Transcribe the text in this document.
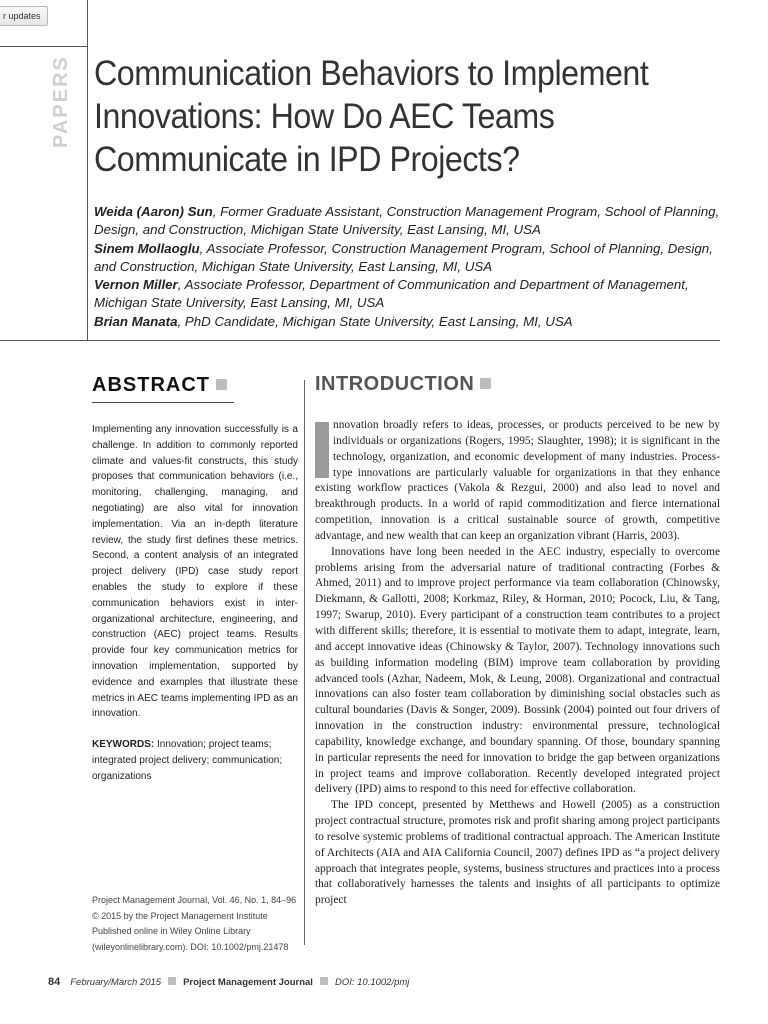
r updates
PAPERS Communication Behaviors to Implement Innovations: How Do AEC Teams Communicate in IPD Projects?
Weida (Aaron) Sun, Former Graduate Assistant, Construction Management Program, School of Planning, Design, and Construction, Michigan State University, East Lansing, MI, USA
Sinem Mollaoglu, Associate Professor, Construction Management Program, School of Planning, Design, and Construction, Michigan State University, East Lansing, MI, USA
Vernon Miller, Associate Professor, Department of Communication and Department of Management, Michigan State University, East Lansing, MI, USA
Brian Manata, PhD Candidate, Michigan State University, East Lansing, MI, USA
ABSTRACT
Implementing any innovation successfully is a challenge. In addition to commonly reported climate and values-fit constructs, this study proposes that communication behaviors (i.e., monitoring, challenging, managing, and negotiating) are also vital for innovation implementation. Via an in-depth literature review, the study first defines these metrics. Second, a content analysis of an integrated project delivery (IPD) case study report enables the study to explore if these communication behaviors exist in inter-organizational architecture, engineering, and construction (AEC) project teams. Results provide four key communication metrics for innovation implementation, supported by evidence and examples that illustrate these metrics in AEC teams implementing IPD as an innovation.
KEYWORDS: Innovation; project teams; integrated project delivery; communication; organizations
Project Management Journal, Vol. 46, No. 1, 84–96
© 2015 by the Project Management Institute
Published online in Wiley Online Library
(wileyonlinelibrary.com). DOI: 10.1002/pmj.21478
INTRODUCTION

nnovation broadly refers to ideas, processes, or products perceived to be new by individuals or organizations (Rogers, 1995; Slaughter, 1998); it is significant in the technology, organization, and economic development of many industries. Process-type innovations are particularly valuable for organizations in that they enhance existing workflow practices (Vakola & Rezgui, 2000) and also lead to novel and breakthrough products. In a world of rapid commoditization and fierce international competition, innovation is a critical sustainable source of growth, competitive advantage, and new wealth that can keep an organization vibrant (Harris, 2003).

Innovations have long been needed in the AEC industry, especially to overcome problems arising from the adversarial nature of traditional contracting (Forbes & Ahmed, 2011) and to improve project performance via team collaboration (Chinowsky, Diekmann, & Gallotti, 2008; Korkmaz, Riley, & Horman, 2010; Pocock, Liu, & Tang, 1997; Swarup, 2010). Every participant of a construction team contributes to a project with different skills; therefore, it is essential to motivate them to adapt, integrate, learn, and accept innovative ideas (Chinowsky & Taylor, 2007). Technology innovations such as building information modeling (BIM) improve team collaboration by providing advanced tools (Azhar, Nadeem, Mok, & Leung, 2008). Organizational and contractual innovations can also foster team collaboration by diminishing social obstacles such as cultural boundaries (Davis & Songer, 2009). Bossink (2004) pointed out four drivers of innovation in the construction industry: environmental pressure, technological capability, knowledge exchange, and boundary spanning. Of those, boundary spanning in particular represents the need for innovation to bridge the gap between organizations in project teams and improve collaboration. Recently developed integrated project delivery (IPD) aims to respond to this need for effective collaboration.

The IPD concept, presented by Metthews and Howell (2005) as a construction project contractual structure, promotes risk and profit sharing among project participants to resolve systemic problems of traditional contractual approach. The American Institute of Architects (AIA and AIA California Council, 2007) defines IPD as “a project delivery approach that integrates people, systems, business structures and practices into a process that collaboratively harnesses the talents and insights of all participants to optimize project

84 February/March 2015 Project Management Journal DOI: 10.1002/pmj
